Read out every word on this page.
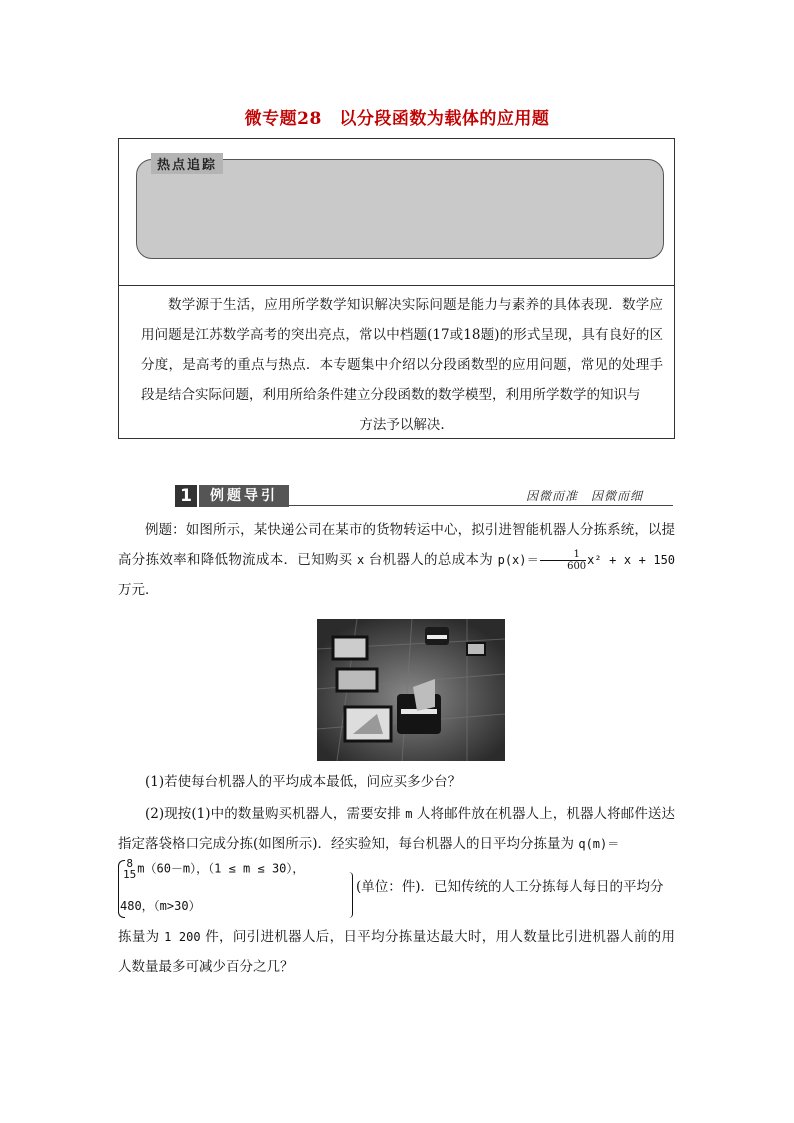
微专题28　以分段函数为载体的应用题
热点追踪
数学源于生活，应用所学数学知识解决实际问题是能力与素养的具体表现．数学应用问题是江苏数学高考的突出亮点，常以中档题(17或18题)的形式呈现，具有良好的区分度，是高考的重点与热点．本专题集中介绍以分段函数型的应用问题，常见的处理手段是结合实际问题，利用所给条件建立分段函数的数学模型，利用所学数学的知识与
方法予以解决.
1	例题导引	因微而准　因微而细
例题：如图所示，某快递公司在某市的货物转运中心，拟引进智能机器人分拣系统，以提高分拣效率和降低物流成本．已知购买 x 台机器人的总成本为 $p(x)= \frac{1}{600} x^2 + x + 150$万元．
(1)若使每台机器人的平均成本最低，问应买多少台？
(2)现按(1)中的数量购买机器人，需要安排 m 人将邮件放在机器人上，机器人将邮件送达指定落袋格口完成分拣(如图所示)．经实验知，每台机器人的日平均分拣量为 q(m)＝
8
15 m（60－m），（1 ≤ m ≤ 30），
480，（m>30）
(单位：件)．已知传统的人工分拣每人每日的平均分
拣量为 1 200 件，问引进机器人后，日平均分拣量达最大时，用人数量比引进机器人前的用人数量最多可减少百分之几？
